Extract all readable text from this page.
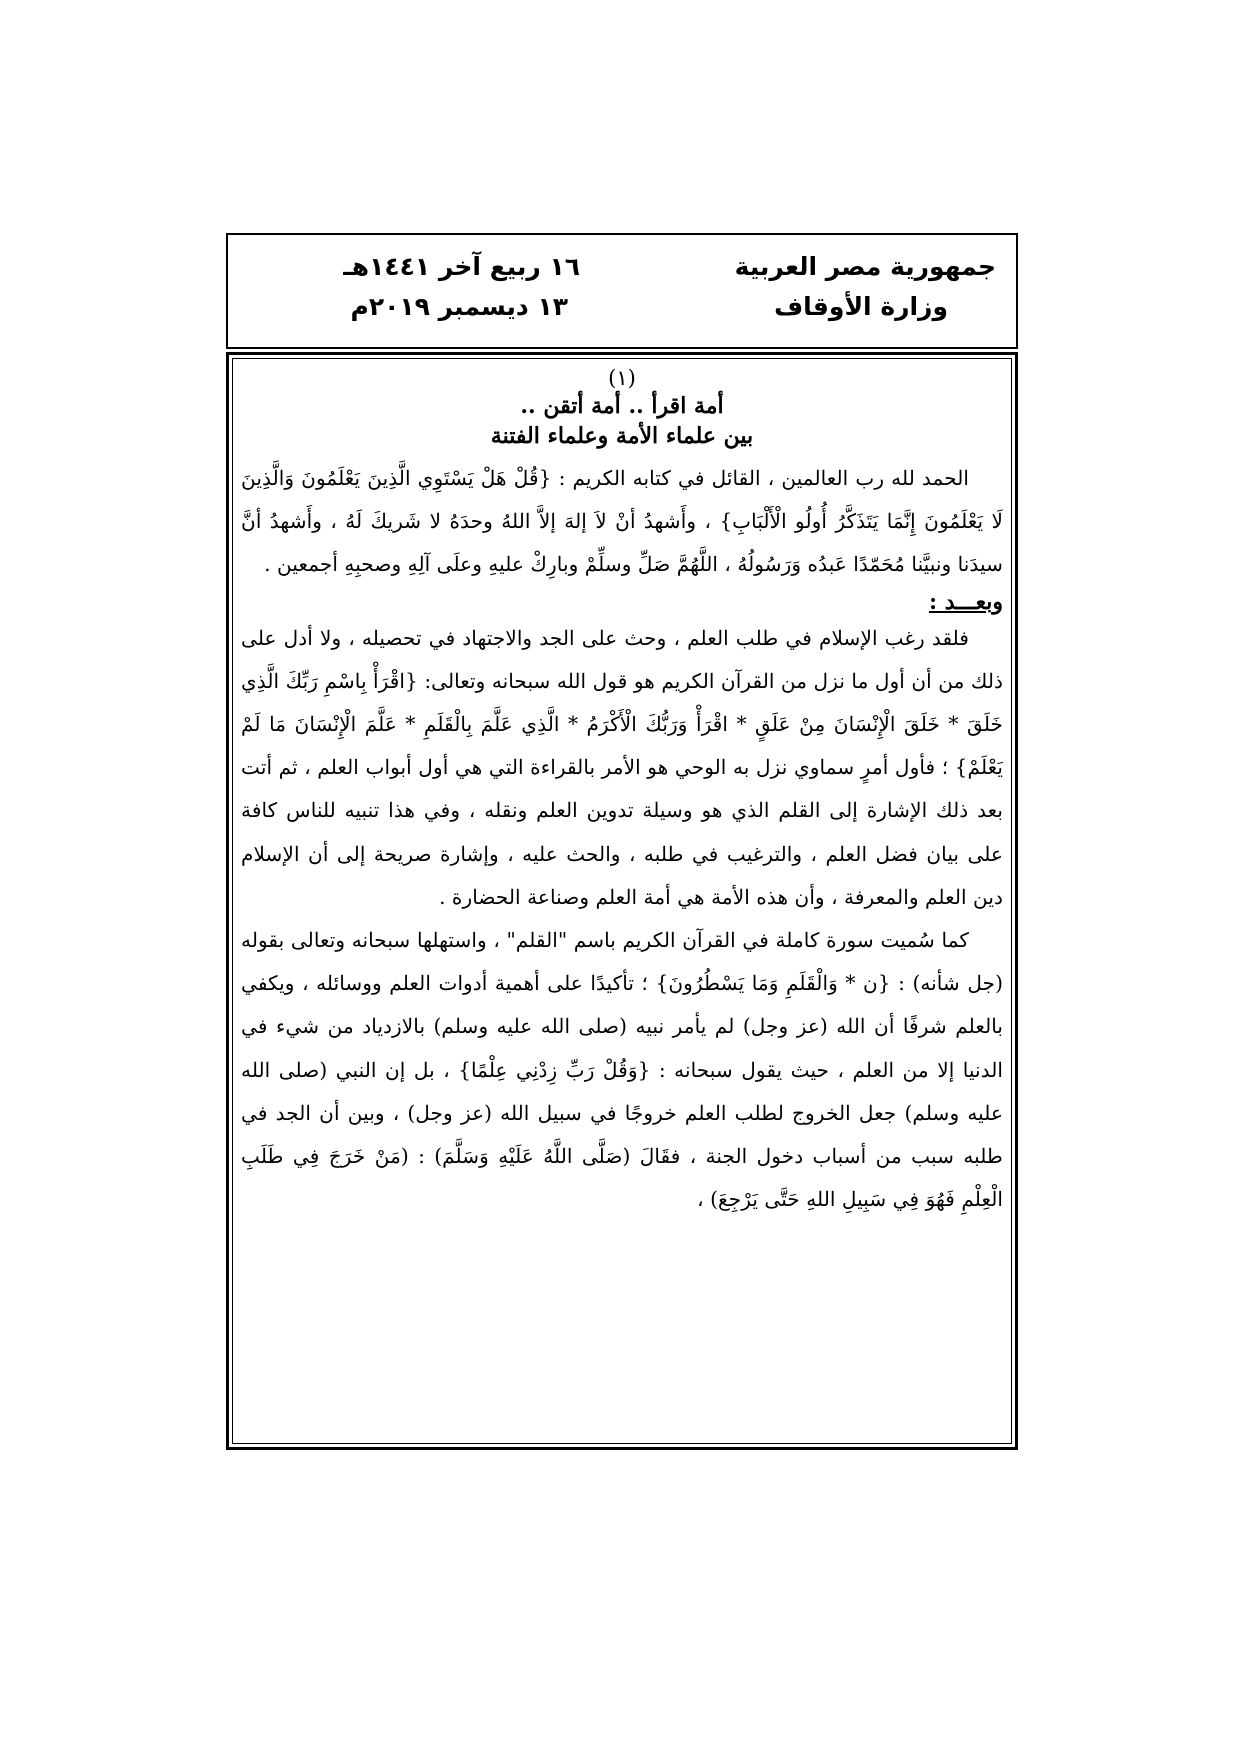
جمهورية مصر العربية
وزارة الأوقاف
١٦ ربيع آخر ١٤٤١هـ
١٣ ديسمبر ٢٠١٩م
(١)
أمة اقرأ .. أمة أتقن ..
بين علماء الأمة وعلماء الفتنة

الحمد لله رب العالمين ، القائل في كتابه الكريم : {قُلْ هَلْ يَسْتَوِي الَّذِينَ يَعْلَمُونَ وَالَّذِينَ لَا يَعْلَمُونَ إِنَّمَا يَتَذَكَّرُ أُولُو الْأَلْبَابِ} ، وأَشهدُ أنْ لاَ إلهَ إلاَّ اللهُ وحدَهُ لا شَريكَ لَهُ ، وأَشهدُ أنَّ سيدَنا ونبيَّنا مُحَمّدًا عَبدُه وَرَسُولُهُ ، اللَّهُمَّ صَلِّ وسلِّمْ وبارِكْ عليهِ وعلَى آلِهِ وصحبِهِ أجمعين .

وبعـــد :

فلقد رغب الإسلام في طلب العلم ، وحث على الجد والاجتهاد في تحصيله ، ولا أدل على ذلك من أن أول ما نزل من القرآن الكريم هو قول الله سبحانه وتعالى: {اقْرَأْ بِاسْمِ رَبِّكَ الَّذِي خَلَقَ * خَلَقَ الْإِنْسَانَ مِنْ عَلَقٍ * اقْرَأْ وَرَبُّكَ الْأَكْرَمُ * الَّذِي عَلَّمَ بِالْقَلَمِ * عَلَّمَ الْإِنْسَانَ مَا لَمْ يَعْلَمْ} ؛ فأول أمرٍ سماوي نزل به الوحي هو الأمر بالقراءة التي هي أول أبواب العلم ، ثم أتت بعد ذلك الإشارة إلى القلم الذي هو وسيلة تدوين العلم ونقله ، وفي هذا تنبيه للناس كافة على بيان فضل العلم ، والترغيب في طلبه ، والحث عليه ، وإشارة صريحة إلى أن الإسلام دين العلم والمعرفة ، وأن هذه الأمة هي أمة العلم وصناعة الحضارة .

كما سُميت سورة كاملة في القرآن الكريم باسم "القلم" ، واستهلها سبحانه وتعالى بقوله (جل شأنه) : {ن * وَالْقَلَمِ وَمَا يَسْطُرُونَ} ؛ تأكيدًا على أهمية أدوات العلم ووسائله ، ويكفي بالعلم شرفًا أن الله (عز وجل) لم يأمر نبيه (صلى الله عليه وسلم) بالازدياد من شيء في الدنيا إلا من العلم ، حيث يقول سبحانه : {وَقُلْ رَبِّ زِدْنِي عِلْمًا} ، بل إن النبي (صلى الله عليه وسلم) جعل الخروج لطلب العلم خروجًا في سبيل الله (عز وجل) ، وبين أن الجد في طلبه سبب من أسباب دخول الجنة ، فقَالَ (صَلَّى اللَّهُ عَلَيْهِ وَسَلَّمَ) : (مَنْ خَرَجَ فِي طَلَبِ الْعِلْمِ فَهُوَ فِي سَبِيلِ اللهِ حَتَّى يَرْجِعَ) ،
